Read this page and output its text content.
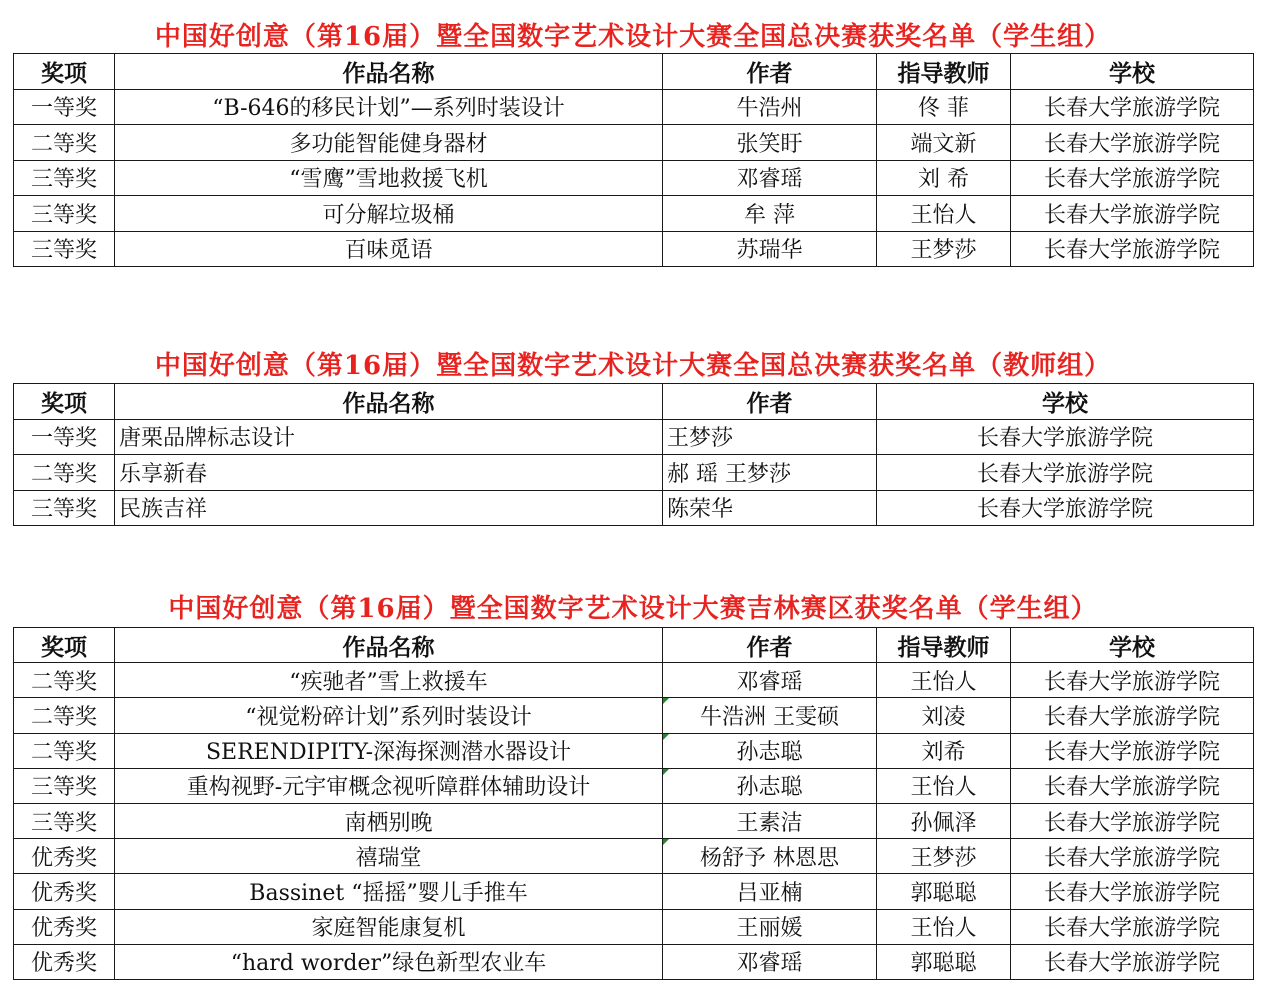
中国好创意（第16届）暨全国数字艺术设计大赛全国总决赛获奖名单（学生组）
奖项	作品名称	作者	指导教师	学校
一等奖	“B-646的移民计划”—系列时装设计	牛浩州	佟 菲	长春大学旅游学院
二等奖	多功能智能健身器材	张笑盱	端文新	长春大学旅游学院
三等奖	“雪鹰”雪地救援飞机	邓睿瑶	刘 希	长春大学旅游学院
三等奖	可分解垃圾桶	牟 萍	王怡人	长春大学旅游学院
三等奖	百味觅语	苏瑞华	王梦莎	长春大学旅游学院
中国好创意（第16届）暨全国数字艺术设计大赛全国总决赛获奖名单（教师组）
奖项	作品名称	作者	学校
一等奖	唐栗品牌标志设计	王梦莎	长春大学旅游学院
二等奖	乐享新春	郝 瑶 王梦莎	长春大学旅游学院
三等奖	民族吉祥	陈荣华	长春大学旅游学院
中国好创意（第16届）暨全国数字艺术设计大赛吉林赛区获奖名单（学生组）
奖项	作品名称	作者	指导教师	学校
二等奖	“疾驰者”雪上救援车	邓睿瑶	王怡人	长春大学旅游学院
二等奖	“视觉粉碎计划”系列时装设计	牛浩洲 王雯硕	刘凌	长春大学旅游学院
二等奖	SERENDIPITY-深海探测潜水器设计	孙志聪	刘希	长春大学旅游学院
三等奖	重构视野-元宇审概念视听障群体辅助设计	孙志聪	王怡人	长春大学旅游学院
三等奖	南栖别晚	王素洁	孙佩泽	长春大学旅游学院
优秀奖	禧瑞堂	杨舒予 林恩思	王梦莎	长春大学旅游学院
优秀奖	Bassinet “摇摇”婴儿手推车	吕亚楠	郭聪聪	长春大学旅游学院
优秀奖	家庭智能康复机	王丽媛	王怡人	长春大学旅游学院
优秀奖	“hard worder”绿色新型农业车	邓睿瑶	郭聪聪	长春大学旅游学院
